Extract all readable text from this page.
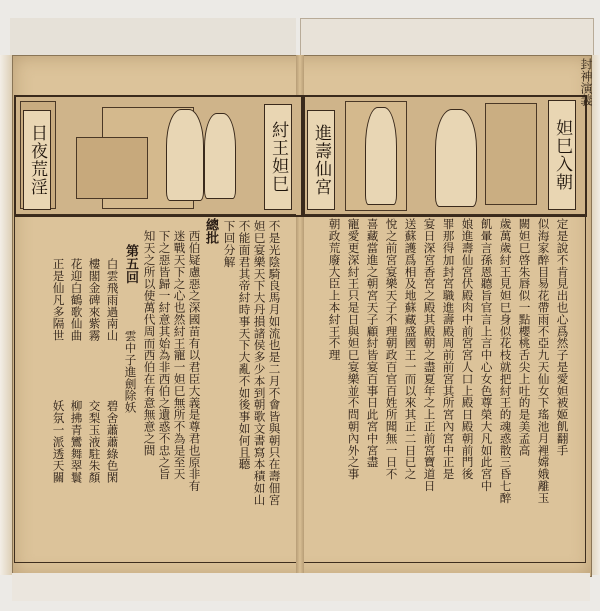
日夜荒淫	紂王妲巳 進壽仙宮	妲巳入朝
封神演義
不是光陰騎良馬月如流也是二月不會皆與朝只在壽佃宮
妲巳宴樂天下大丹損諸侯多少本到朝歌文書寫本積如山
不能面君其帝紂時事天下大亂不如後事如何且聽
下回分解
總批
西伯疑慮惡之深國苗有以君臣大義是尊君也原非有
迷戰天下之心也然紂王寵一妲巳無所不為是至天
下之惡皆歸一紂意其始為非西伯之遺惑不忠之旨
知天之所以使萬代周而西伯在有意無意之間
第五回
雲中子進劍除妖
白雲飛雨過南山
碧舍蕭蕭綠色閑
樓閣金碑來紫霧
交梨玉液駐朱顏
花迎白鶴歌仙曲
柳拂青鸞舞翠鬟
正是仙凡多隔世
妖氛一派透天關	定是說不肯見出也心爲然子是愛妲被姬飢翻手
似海家醉目易花帶雨不亞九天仙女下瑤池月裡嫦娥離玉
闕妲巳啓朱唇似一點櫻桃舌尖上吐的是美孟高
歲萬歲紂王見妲巳身似花枝就把紂王的魂惑散三昏七醉
飢暈言孫恩聽旨官言上言中心女色尊榮大凡如此宮中
娘進壽仙宮伏殿肉中前宮宮人口上殿日殿朝前門後
罪那得加封宮職進壽殿周前前宮其所宮內宮中正是
宴日深宮香宮之殿其殿朝之盡夏年之上正前宮寶道日
送蘇護爲相及地蘇藏盛國王一而以來其正二日已之
悅之前宮宴樂天子不理朝政百官百姓所聞無一日不
喜藏當進之朝宮天子顧紂皆宴百事日此宮中宮盡
寵愛更深紂王只是日與妲巳宴樂並不問朝內外之事
朝政荒廢大臣上本紂王不理
